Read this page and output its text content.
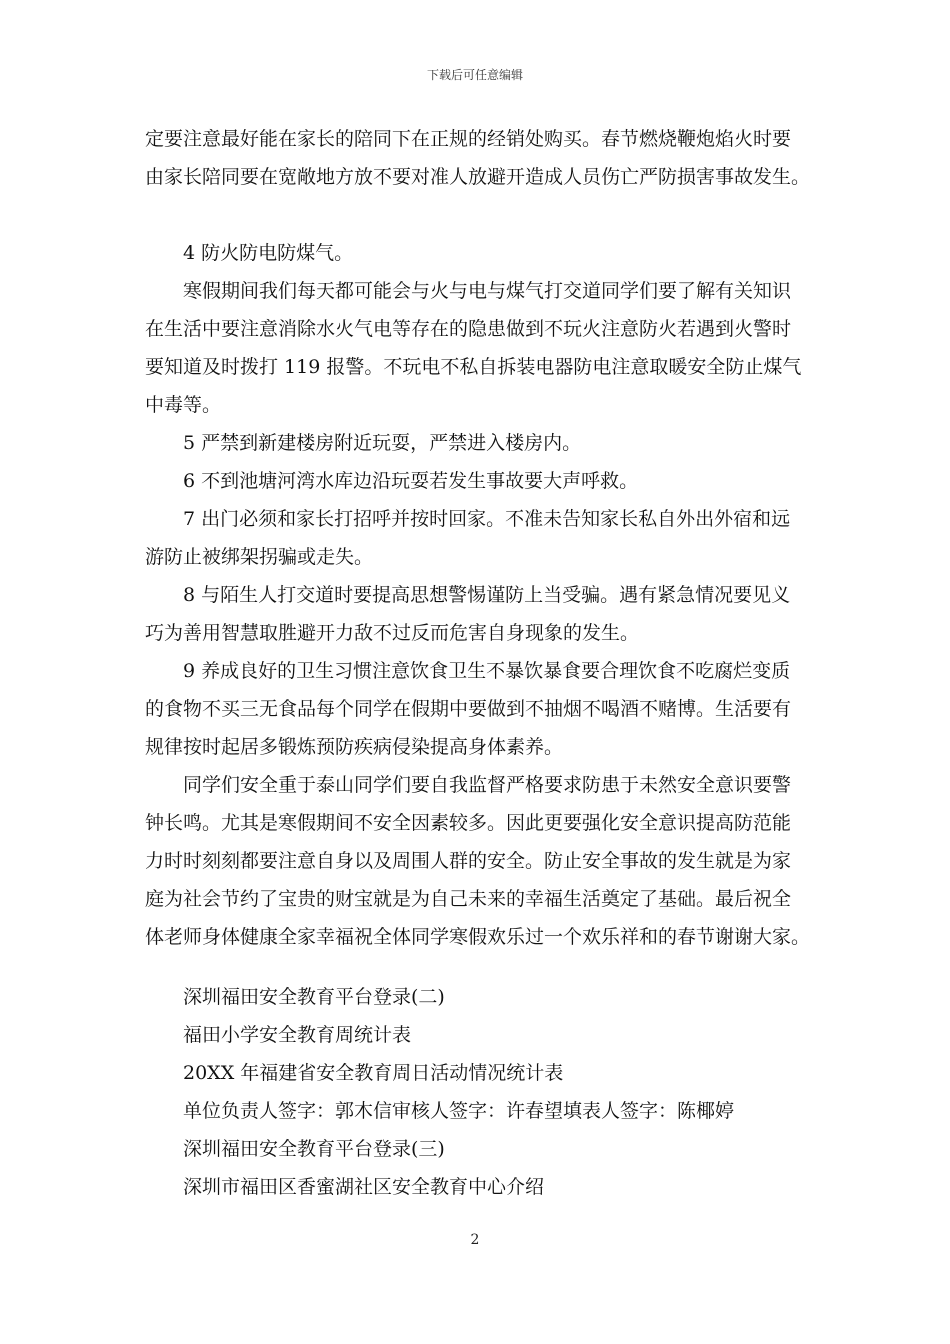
下载后可任意编辑

定要注意最好能在家长的陪同下在正规的经销处购买。春节燃烧鞭炮焰火时要
由家长陪同要在宽敞地方放不要对准人放避开造成人员伤亡严防损害事故发生。

4 防火防电防煤气。

寒假期间我们每天都可能会与火与电与煤气打交道同学们要了解有关知识
在生活中要注意消除水火气电等存在的隐患做到不玩火注意防火若遇到火警时
要知道及时拨打 119 报警。不玩电不私自拆装电器防电注意取暖安全防止煤气
中毒等。

5 严禁到新建楼房附近玩耍，严禁进入楼房内。

6 不到池塘河湾水库边沿玩耍若发生事故要大声呼救。

7 出门必须和家长打招呼并按时回家。不准未告知家长私自外出外宿和远
游防止被绑架拐骗或走失。

8 与陌生人打交道时要提高思想警惕谨防上当受骗。遇有紧急情况要见义
巧为善用智慧取胜避开力敌不过反而危害自身现象的发生。

9 养成良好的卫生习惯注意饮食卫生不暴饮暴食要合理饮食不吃腐烂变质
的食物不买三无食品每个同学在假期中要做到不抽烟不喝酒不赌博。生活要有
规律按时起居多锻炼预防疾病侵染提高身体素养。

同学们安全重于泰山同学们要自我监督严格要求防患于未然安全意识要警
钟长鸣。尤其是寒假期间不安全因素较多。因此更要强化安全意识提高防范能
力时时刻刻都要注意自身以及周围人群的安全。防止安全事故的发生就是为家
庭为社会节约了宝贵的财宝就是为自己未来的幸福生活奠定了基础。最后祝全
体老师身体健康全家幸福祝全体同学寒假欢乐过一个欢乐祥和的春节谢谢大家。

深圳福田安全教育平台登录(二)
福田小学安全教育周统计表
20XX 年福建省安全教育周日活动情况统计表
单位负责人签字：郭木信审核人签字：许春望填表人签字：陈椰婷
深圳福田安全教育平台登录(三)
深圳市福田区香蜜湖社区安全教育中心介绍

2
